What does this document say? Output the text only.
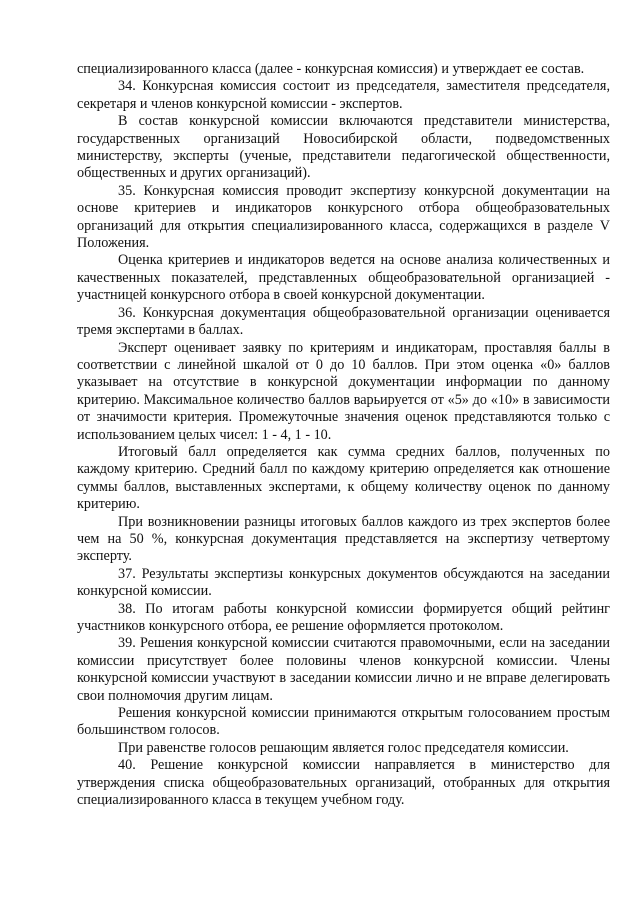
специализированного класса (далее - конкурсная комиссия) и утверждает ее состав.

34. Конкурсная комиссия состоит из председателя, заместителя председателя, секретаря и членов конкурсной комиссии - экспертов.

В состав конкурсной комиссии включаются представители министерства, государственных организаций Новосибирской области, подведомственных министерству, эксперты (ученые, представители педагогической общественности, общественных и других организаций).

35. Конкурсная комиссия проводит экспертизу конкурсной документации на основе критериев и индикаторов конкурсного отбора общеобразовательных организаций для открытия специализированного класса, содержащихся в разделе V Положения.

Оценка критериев и индикаторов ведется на основе анализа количественных и качественных показателей, представленных общеобразовательной организацией - участницей конкурсного отбора в своей конкурсной документации.

36. Конкурсная документация общеобразовательной организации оценивается тремя экспертами в баллах.

Эксперт оценивает заявку по критериям и индикаторам, проставляя баллы в соответствии с линейной шкалой от 0 до 10 баллов. При этом оценка «0» баллов указывает на отсутствие в конкурсной документации информации по данному критерию. Максимальное количество баллов варьируется от «5» до «10» в зависимости от значимости критерия. Промежуточные значения оценок представляются только с использованием целых чисел: 1 - 4, 1 - 10.

Итоговый балл определяется как сумма средних баллов, полученных по каждому критерию. Средний балл по каждому критерию определяется как отношение суммы баллов, выставленных экспертами, к общему количеству оценок по данному критерию.

При возникновении разницы итоговых баллов каждого из трех экспертов более чем на 50 %, конкурсная документация представляется на экспертизу четвертому эксперту.

37. Результаты экспертизы конкурсных документов обсуждаются на заседании конкурсной комиссии.

38. По итогам работы конкурсной комиссии формируется общий рейтинг участников конкурсного отбора, ее решение оформляется протоколом.

39. Решения конкурсной комиссии считаются правомочными, если на заседании комиссии присутствует более половины членов конкурсной комиссии. Члены конкурсной комиссии участвуют в заседании комиссии лично и не вправе делегировать свои полномочия другим лицам.

Решения конкурсной комиссии принимаются открытым голосованием простым большинством голосов.

При равенстве голосов решающим является голос председателя комиссии.

40. Решение конкурсной комиссии направляется в министерство для утверждения списка общеобразовательных организаций, отобранных для открытия специализированного класса в текущем учебном году.
